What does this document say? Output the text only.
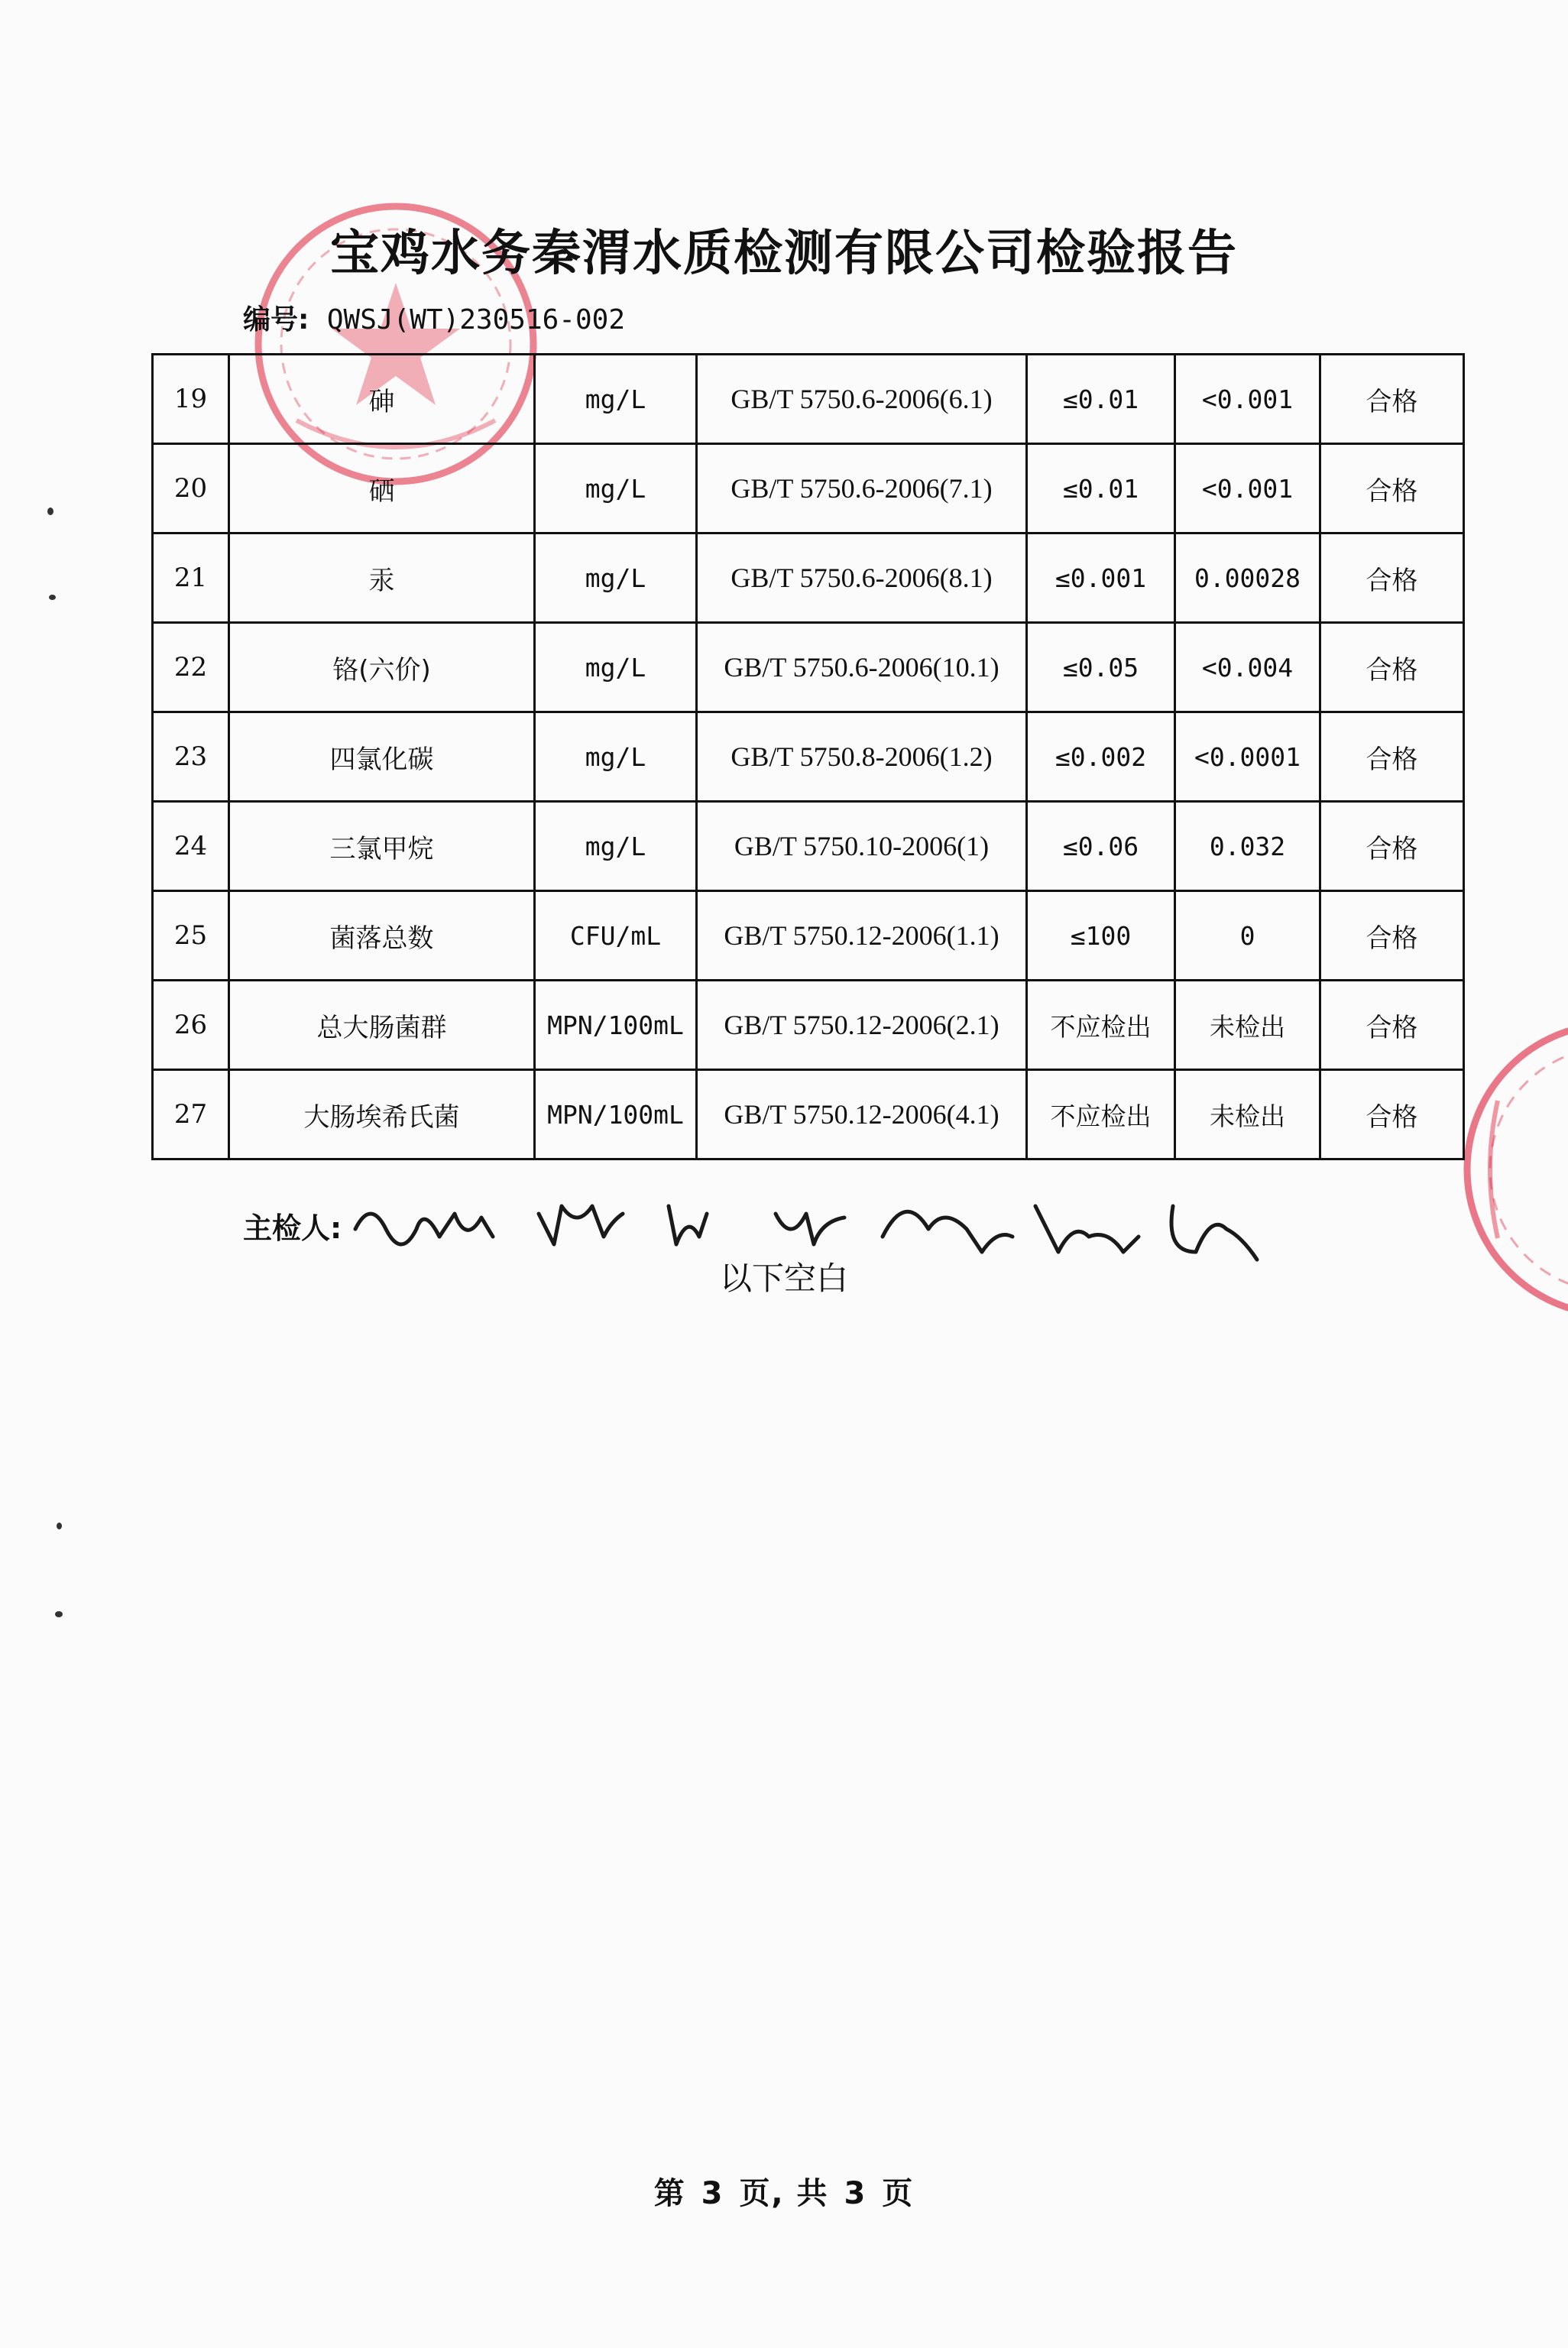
宝鸡水务秦渭水质检测有限公司检验报告
编号: QWSJ(WT)230516-002
19	砷	mg/L	GB/T 5750.6-2006(6.1)	≤0.01	<0.001	合格
20	硒	mg/L	GB/T 5750.6-2006(7.1)	≤0.01	<0.001	合格
21	汞	mg/L	GB/T 5750.6-2006(8.1)	≤0.001	0.00028	合格
22	铬(六价)	mg/L	GB/T 5750.6-2006(10.1)	≤0.05	<0.004	合格
23	四氯化碳	mg/L	GB/T 5750.8-2006(1.2)	≤0.002	<0.0001	合格
24	三氯甲烷	mg/L	GB/T 5750.10-2006(1)	≤0.06	0.032	合格
25	菌落总数	CFU/mL	GB/T 5750.12-2006(1.1)	≤100	0	合格
26	总大肠菌群	MPN/100mL	GB/T 5750.12-2006(2.1)	不应检出	未检出	合格
27	大肠埃希氏菌	MPN/100mL	GB/T 5750.12-2006(4.1)	不应检出	未检出	合格
主检人:
以下空白
第 3 页, 共 3 页
